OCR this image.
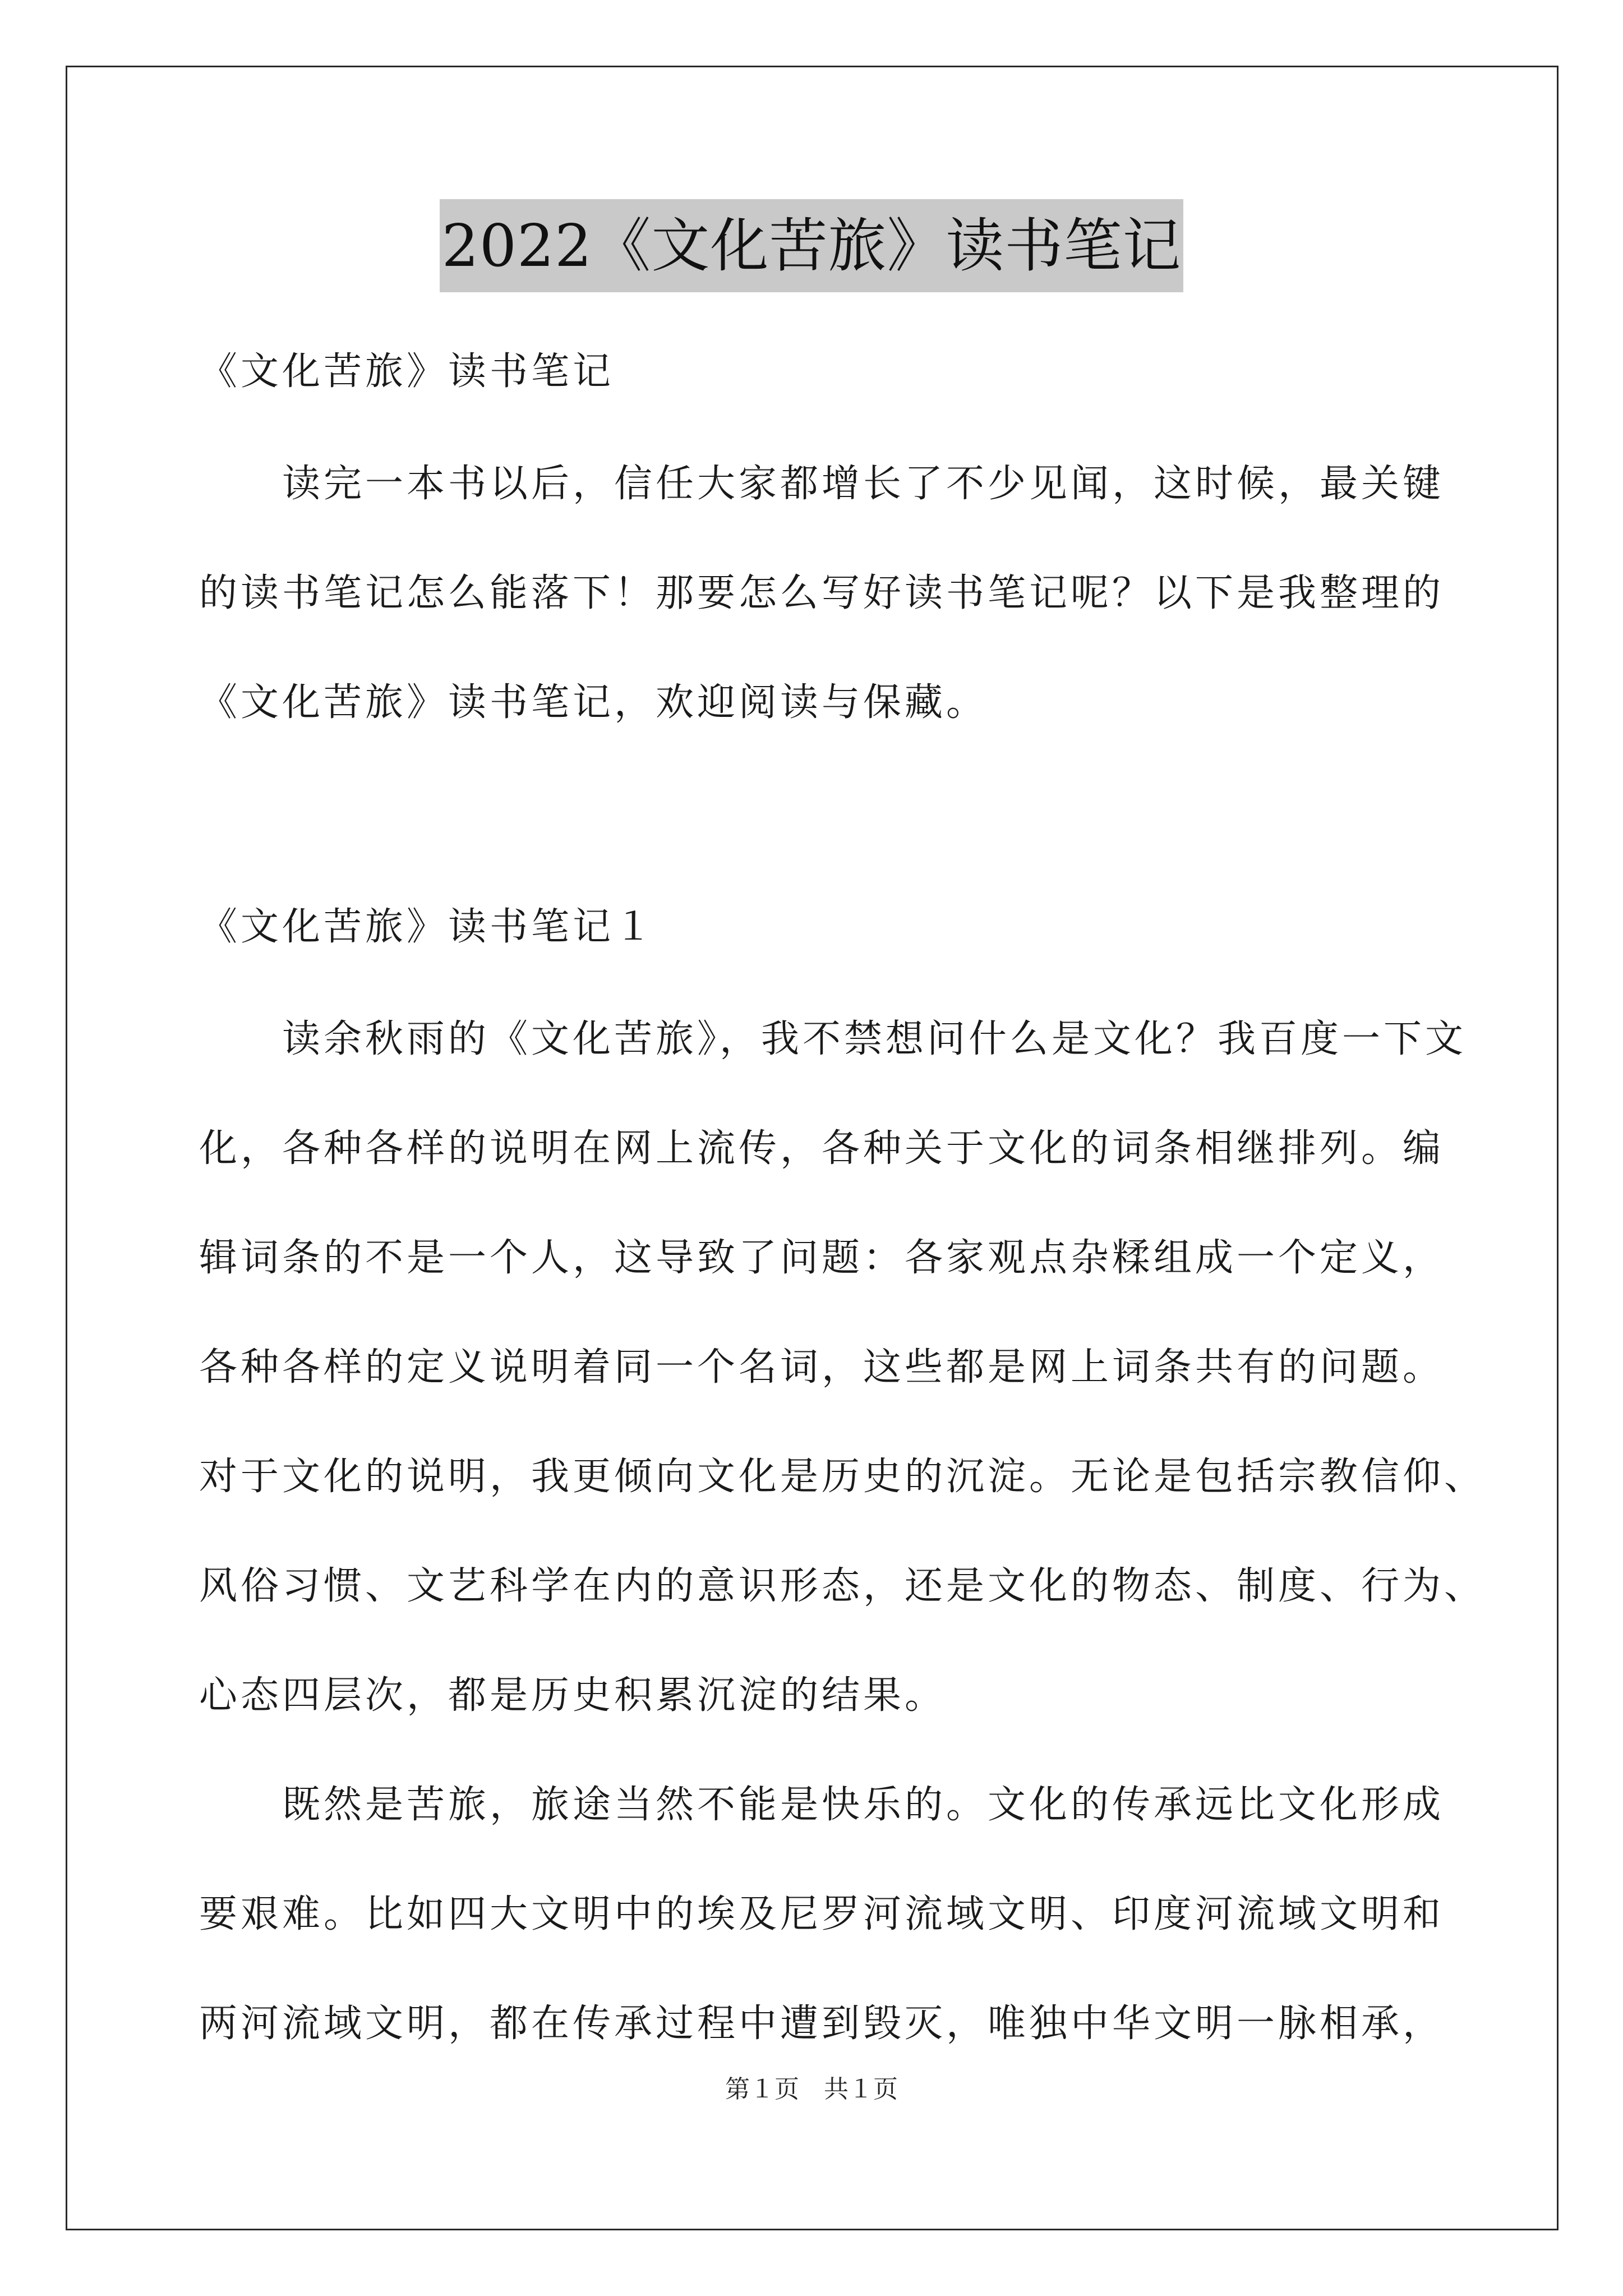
2022《文化苦旅》读书笔记
《文化苦旅》读书笔记
读完一本书以后，信任大家都增长了不少见闻，这时候，最关键
的读书笔记怎么能落下！那要怎么写好读书笔记呢？以下是我整理的
《文化苦旅》读书笔记，欢迎阅读与保藏。
《文化苦旅》读书笔记１
读余秋雨的《文化苦旅》，我不禁想问什么是文化？我百度一下文
化，各种各样的说明在网上流传，各种关于文化的词条相继排列。编
辑词条的不是一个人，这导致了问题：各家观点杂糅组成一个定义，
各种各样的定义说明着同一个名词，这些都是网上词条共有的问题。
对于文化的说明，我更倾向文化是历史的沉淀。无论是包括宗教信仰、
风俗习惯、文艺科学在内的意识形态，还是文化的物态、制度、行为、
心态四层次，都是历史积累沉淀的结果。
既然是苦旅，旅途当然不能是快乐的。文化的传承远比文化形成
要艰难。比如四大文明中的埃及尼罗河流域文明、印度河流域文明和
两河流域文明，都在传承过程中遭到毁灭，唯独中华文明一脉相承，
第１页　共１页
